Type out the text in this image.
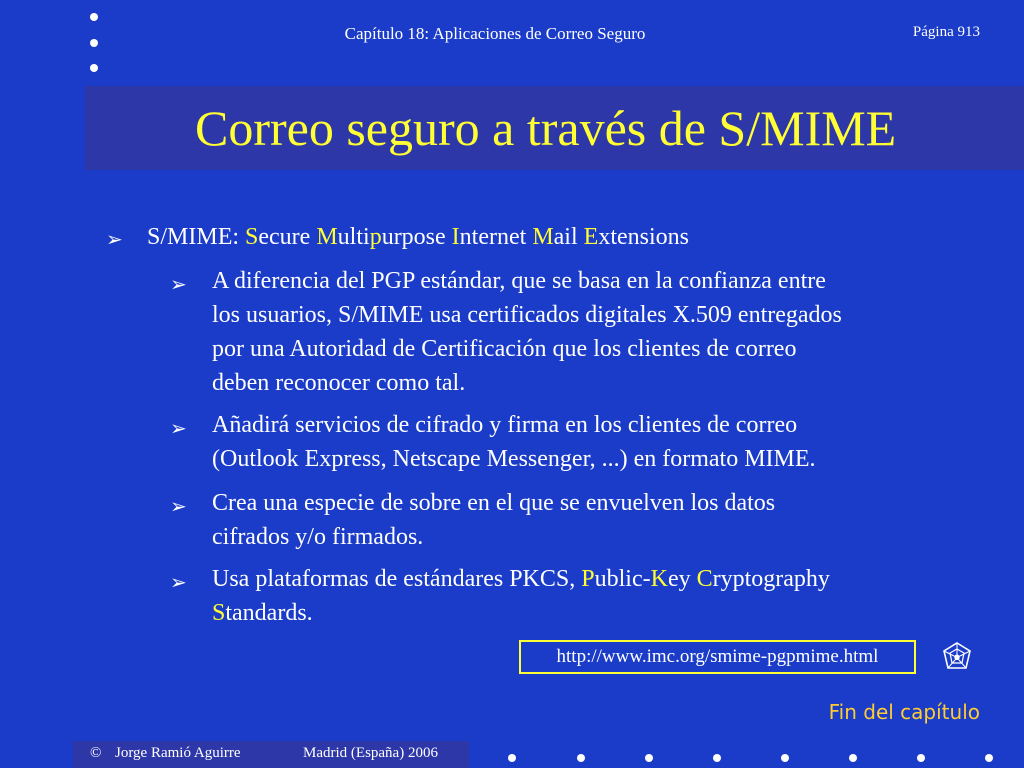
Capítulo 18: Aplicaciones de Correo Seguro	Página 913
Correo seguro a través de S/MIME
➢ S/MIME: Secure Multipurpose Internet Mail Extensions
➢ A diferencia del PGP estándar, que se basa en la confianza entre
los usuarios, S/MIME usa certificados digitales X.509 entregados
por una Autoridad de Certificación que los clientes de correo
deben reconocer como tal.
➢ Añadirá servicios de cifrado y firma en los clientes de correo
(Outlook Express, Netscape Messenger, ...) en formato MIME.
➢ Crea una especie de sobre en el que se envuelven los datos
cifrados y/o firmados.
➢ Usa plataformas de estándares PKCS, Public-Key Cryptography
Standards.
http://www.imc.org/smime-pgpmime.html
Fin del capítulo
© Jorge Ramió Aguirre	Madrid (España) 2006
